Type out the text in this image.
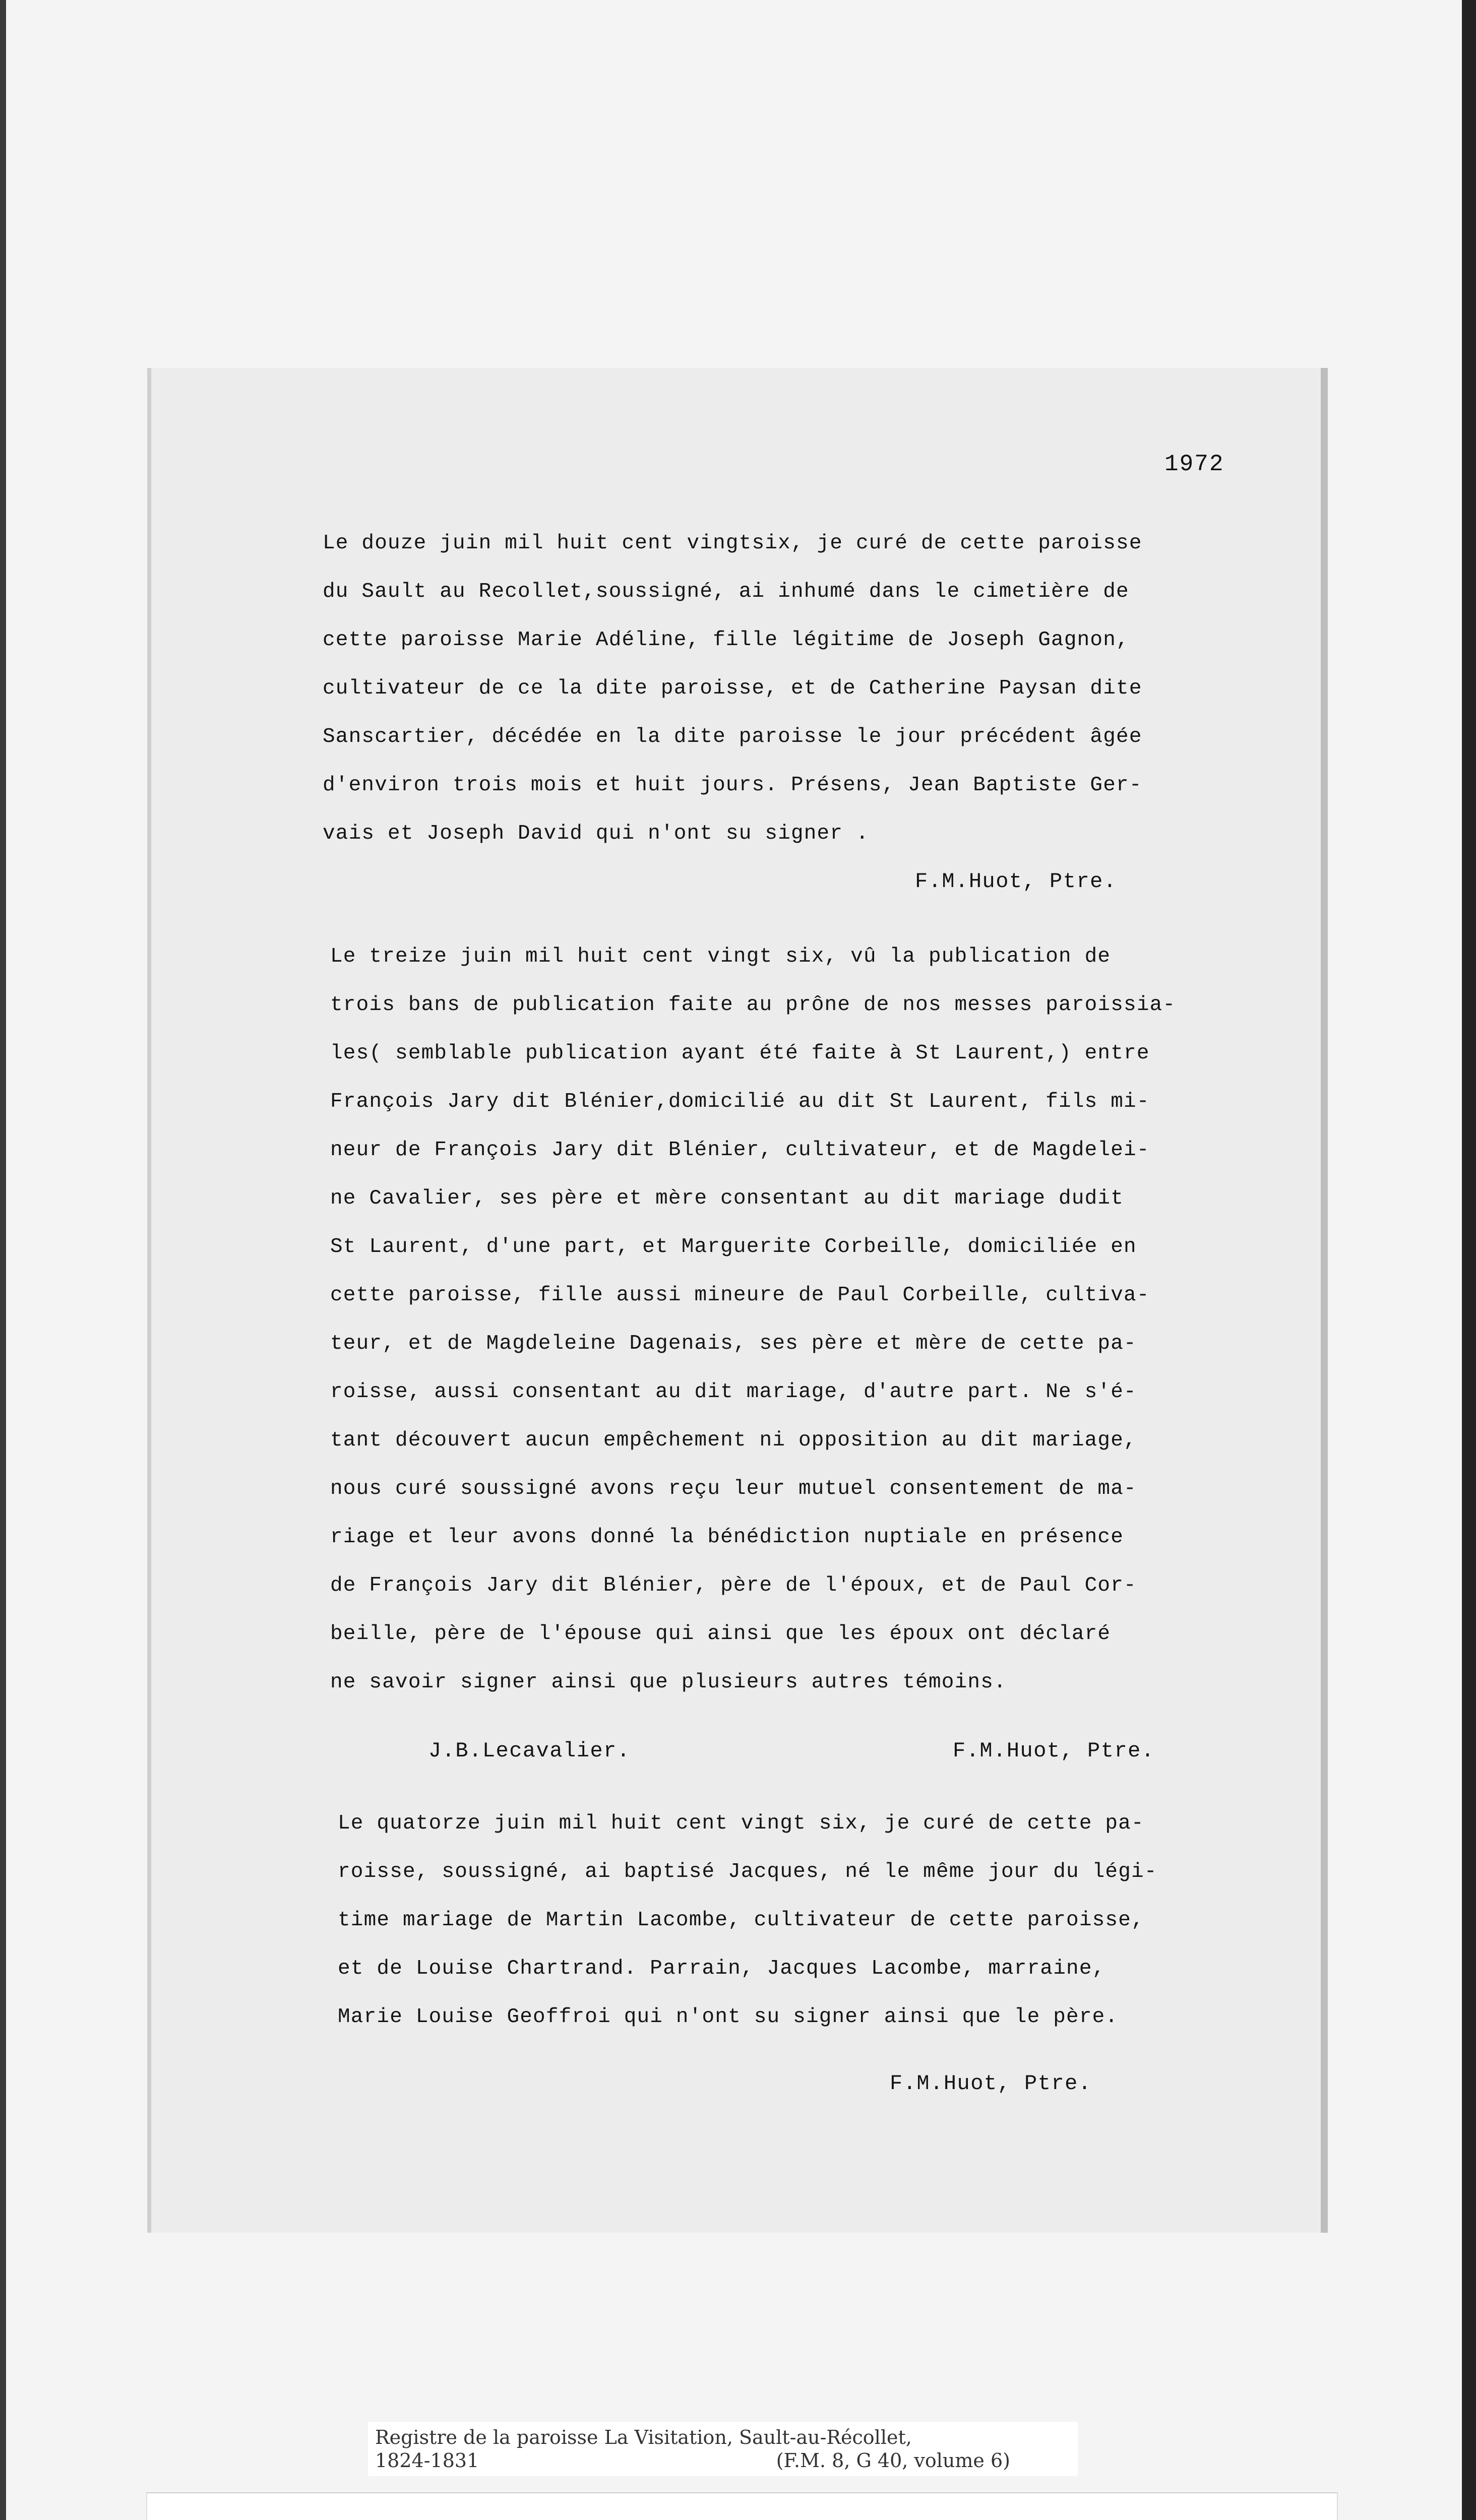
1972
Le douze juin mil huit cent vingtsix, je curé de cette paroisse
du Sault au Recollet,soussigné, ai inhumé dans le cimetière de
cette paroisse Marie Adéline, fille légitime de Joseph Gagnon,
cultivateur de ce la dite paroisse, et de Catherine Paysan dite
Sanscartier, décédée en la dite paroisse le jour précédent âgée
d'environ trois mois et huit jours. Présens, Jean Baptiste Ger-
vais et Joseph David qui n'ont su signer .
F.M.Huot, Ptre.
Le treize juin mil huit cent vingt six, vû la publication de
trois bans de publication faite au prône de nos messes paroissia-
les( semblable publication ayant été faite à St Laurent,) entre
François Jary dit Blénier,domicilié au dit St Laurent, fils mi-
neur de François Jary dit Blénier, cultivateur, et de Magdelei-
ne Cavalier, ses père et mère consentant au dit mariage dudit
St Laurent, d'une part, et Marguerite Corbeille, domiciliée en
cette paroisse, fille aussi mineure de Paul Corbeille, cultiva-
teur, et de Magdeleine Dagenais, ses père et mère de cette pa-
roisse, aussi consentant au dit mariage, d'autre part. Ne s'é-
tant découvert aucun empêchement ni opposition au dit mariage,
nous curé soussigné avons reçu leur mutuel consentement de ma-
riage et leur avons donné la bénédiction nuptiale en présence
de François Jary dit Blénier, père de l'époux, et de Paul Cor-
beille, père de l'épouse qui ainsi que les époux ont déclaré
ne savoir signer ainsi que plusieurs autres témoins.
J.B.Lecavalier.	F.M.Huot, Ptre.
Le quatorze juin mil huit cent vingt six, je curé de cette pa-
roisse, soussigné, ai baptisé Jacques, né le même jour du légi-
time mariage de Martin Lacombe, cultivateur de cette paroisse,
et de Louise Chartrand. Parrain, Jacques Lacombe, marraine,
Marie Louise Geoffroi qui n'ont su signer ainsi que le père.
F.M.Huot, Ptre.
Registre de la paroisse La Visitation, Sault-au-Récollet,
1824-1831	(F.M. 8, G 40, volume 6)
